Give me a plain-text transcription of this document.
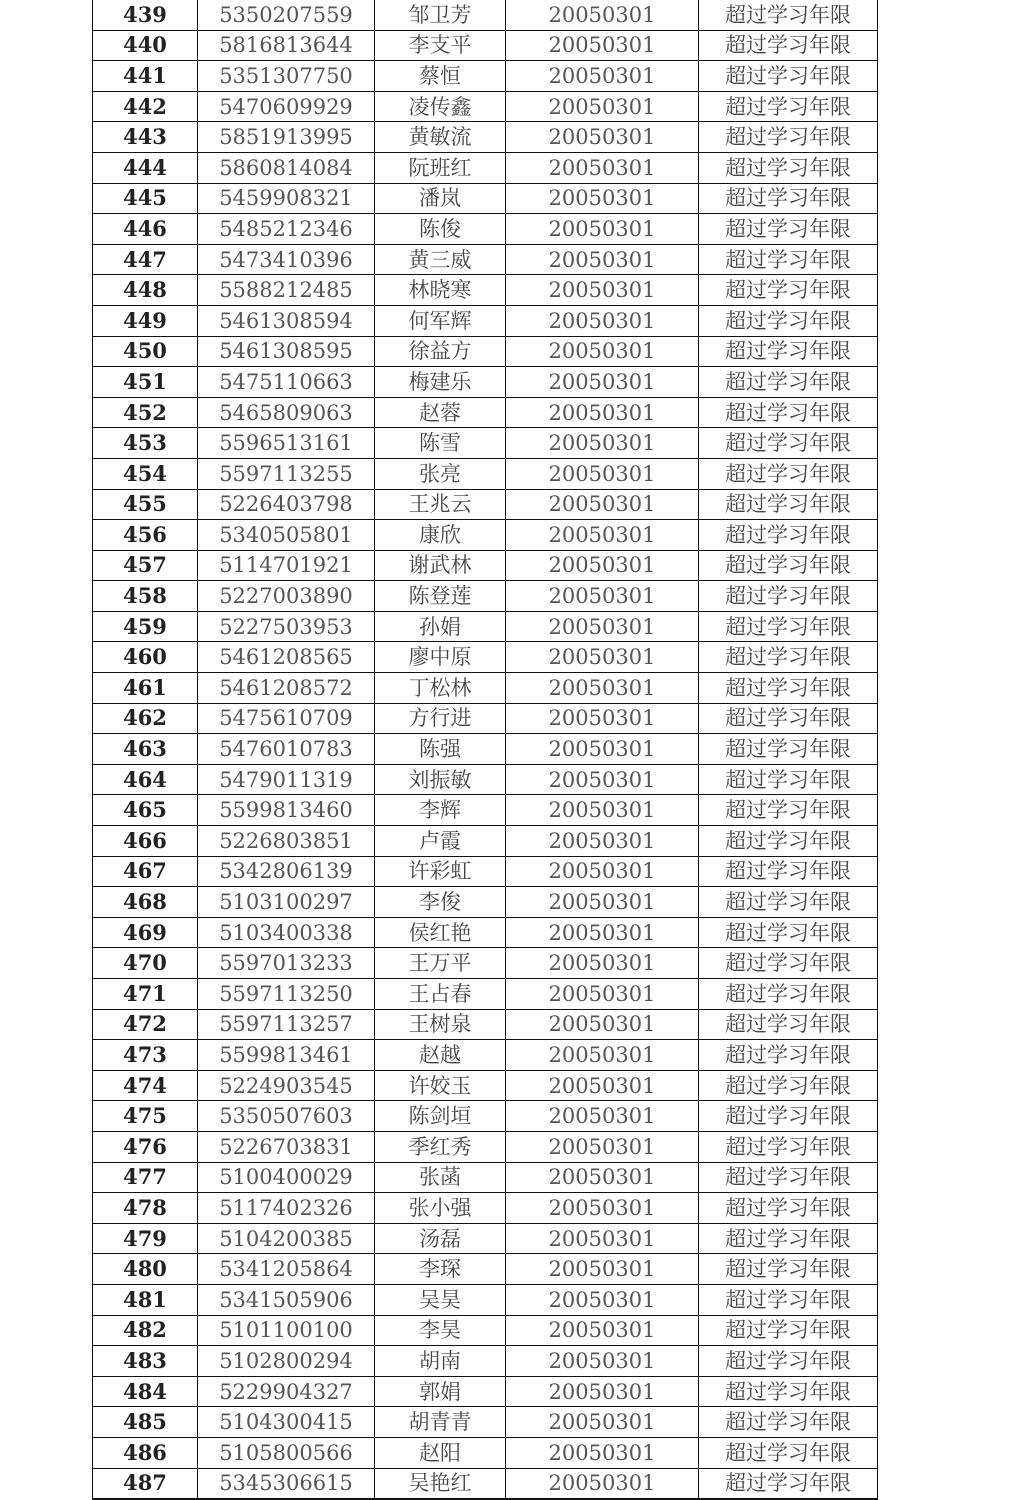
439	5350207559	邹卫芳	20050301	超过学习年限
440	5816813644	李支平	20050301	超过学习年限
441	5351307750	蔡恒	20050301	超过学习年限
442	5470609929	凌传鑫	20050301	超过学习年限
443	5851913995	黄敏流	20050301	超过学习年限
444	5860814084	阮班红	20050301	超过学习年限
445	5459908321	潘岚	20050301	超过学习年限
446	5485212346	陈俊	20050301	超过学习年限
447	5473410396	黄三威	20050301	超过学习年限
448	5588212485	林晓寒	20050301	超过学习年限
449	5461308594	何军辉	20050301	超过学习年限
450	5461308595	徐益方	20050301	超过学习年限
451	5475110663	梅建乐	20050301	超过学习年限
452	5465809063	赵蓉	20050301	超过学习年限
453	5596513161	陈雪	20050301	超过学习年限
454	5597113255	张亮	20050301	超过学习年限
455	5226403798	王兆云	20050301	超过学习年限
456	5340505801	康欣	20050301	超过学习年限
457	5114701921	谢武林	20050301	超过学习年限
458	5227003890	陈登莲	20050301	超过学习年限
459	5227503953	孙娟	20050301	超过学习年限
460	5461208565	廖中原	20050301	超过学习年限
461	5461208572	丁松林	20050301	超过学习年限
462	5475610709	方行进	20050301	超过学习年限
463	5476010783	陈强	20050301	超过学习年限
464	5479011319	刘振敏	20050301	超过学习年限
465	5599813460	李辉	20050301	超过学习年限
466	5226803851	卢霞	20050301	超过学习年限
467	5342806139	许彩虹	20050301	超过学习年限
468	5103100297	李俊	20050301	超过学习年限
469	5103400338	侯红艳	20050301	超过学习年限
470	5597013233	王万平	20050301	超过学习年限
471	5597113250	王占春	20050301	超过学习年限
472	5597113257	王树泉	20050301	超过学习年限
473	5599813461	赵越	20050301	超过学习年限
474	5224903545	许姣玉	20050301	超过学习年限
475	5350507603	陈剑垣	20050301	超过学习年限
476	5226703831	季红秀	20050301	超过学习年限
477	5100400029	张菡	20050301	超过学习年限
478	5117402326	张小强	20050301	超过学习年限
479	5104200385	汤磊	20050301	超过学习年限
480	5341205864	李琛	20050301	超过学习年限
481	5341505906	吴昊	20050301	超过学习年限
482	5101100100	李昊	20050301	超过学习年限
483	5102800294	胡南	20050301	超过学习年限
484	5229904327	郭娟	20050301	超过学习年限
485	5104300415	胡青青	20050301	超过学习年限
486	5105800566	赵阳	20050301	超过学习年限
487	5345306615	吴艳红	20050301	超过学习年限
